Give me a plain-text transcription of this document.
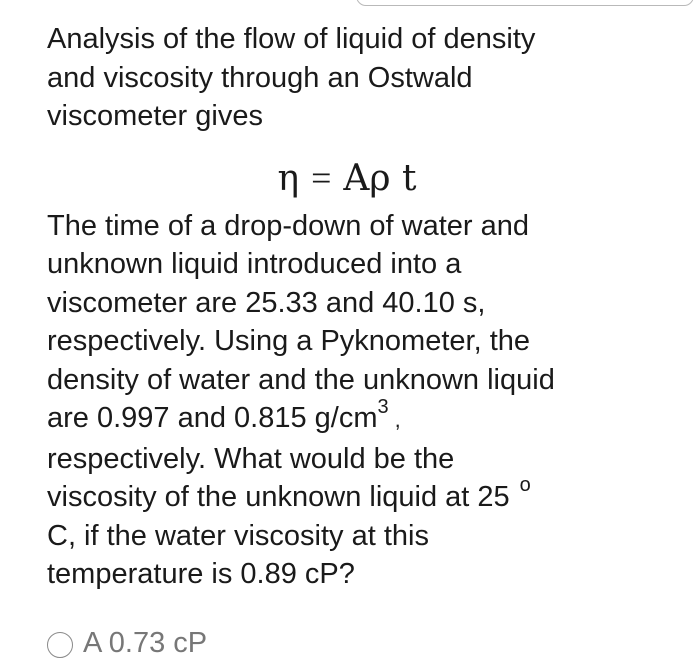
Analysis of the flow of liquid of density
and viscosity through an Ostwald
viscometer gives

η = Aρ t

The time of a drop-down of water and
unknown liquid introduced into a
viscometer are 25.33 and 40.10 s,
respectively. Using a Pyknometer, the
density of water and the unknown liquid
are 0.997 and 0.815 $g/cm^3$ ,
respectively. What would be the
viscosity of the unknown liquid at 25 $^o$
C, if the water viscosity at this
temperature is 0.89 cP?

A 0.73 cP
